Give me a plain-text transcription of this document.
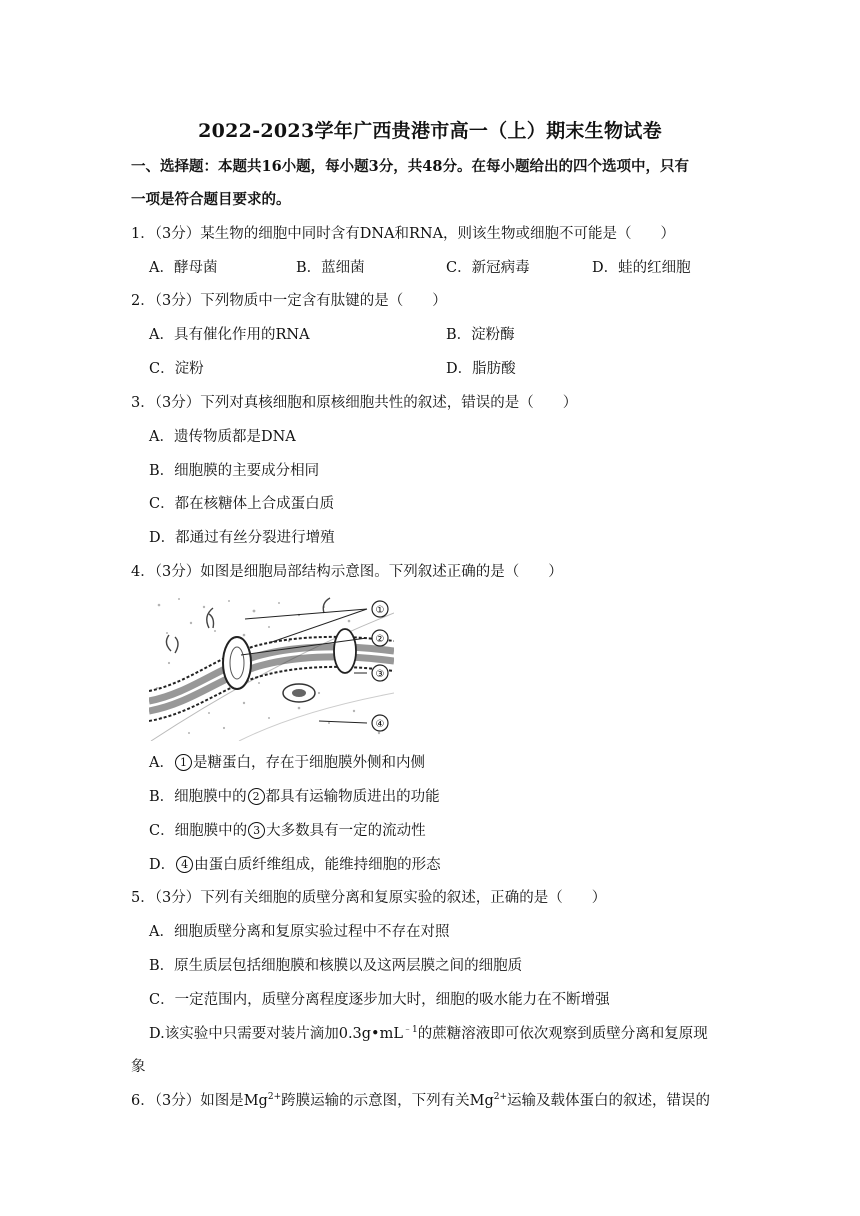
2022-2023学年广西贵港市高一（上）期末生物试卷
一、选择题：本题共16小题，每小题3分，共48分。在每小题给出的四个选项中，只有
一项是符合题目要求的。
1．（3分）某生物的细胞中同时含有DNA和RNA，则该生物或细胞不可能是（　　）
A．酵母菌	B．蓝细菌	C．新冠病毒	D．蛙的红细胞
2．（3分）下列物质中一定含有肽键的是（　　）
A．具有催化作用的RNA	B．淀粉酶
C．淀粉	D．脂肪酸
3．（3分）下列对真核细胞和原核细胞共性的叙述，错误的是（　　）
A．遗传物质都是DNA
B．细胞膜的主要成分相同
C．都在核糖体上合成蛋白质
D．都通过有丝分裂进行增殖
4．（3分）如图是细胞局部结构示意图。下列叙述正确的是（　　）
①
②
③
④
A． 1 是糖蛋白，存在于细胞膜外侧和内侧
B．细胞膜中的 2 都具有运输物质进出的功能
C．细胞膜中的 3 大多数具有一定的流动性
D． 4 由蛋白质纤维组成，能维持细胞的形态
5．（3分）下列有关细胞的质壁分离和复原实验的叙述，正确的是（　　）
A．细胞质壁分离和复原实验过程中不存在对照
B．原生质层包括细胞膜和核膜以及这两层膜之间的细胞质
C．一定范围内，质壁分离程度逐步加大时，细胞的吸水能力在不断增强
D.该实验中只需要对装片滴加$0.3g•mL^{﹣1}$的蔗糖溶液即可依次观察到质壁分离和复原现
象
6．（3分）如图是$Mg^{2+}$跨膜运输的示意图，下列有关$Mg^{2+}$运输及载体蛋白的叙述，错误的
